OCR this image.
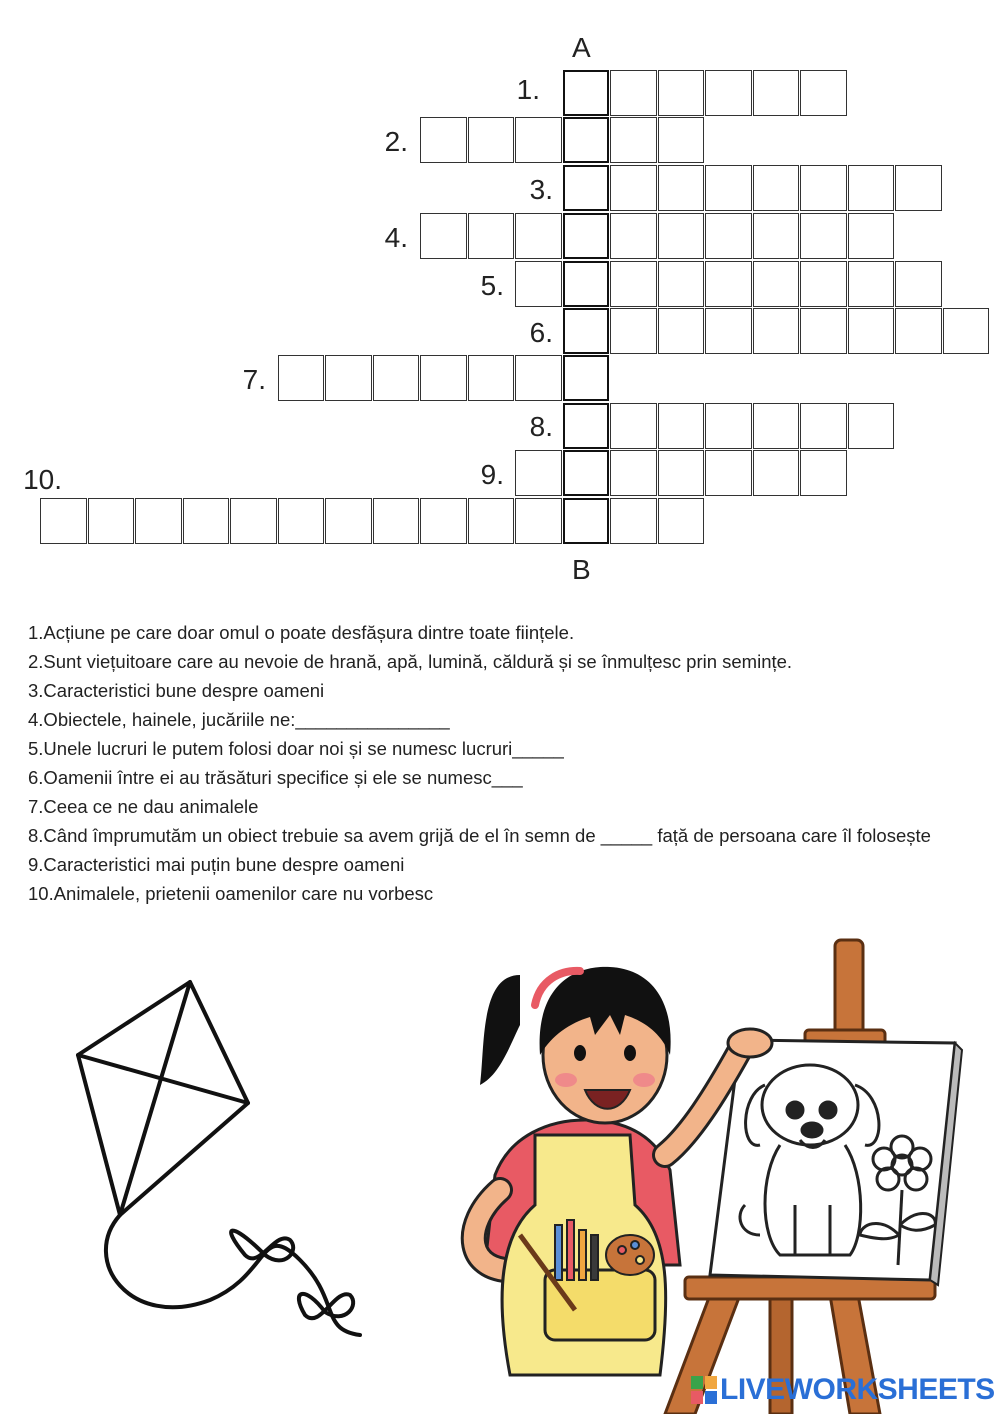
A
B
1.
2.
3.
4.
5.
6.
7.
8.
9.
10.
1.Acțiune pe care doar omul o poate desfășura dintre toate ființele.
2.Sunt viețuitoare care au nevoie de hrană, apă, lumină, căldură și se înmulțesc prin semințe.
3.Caracteristici bune despre oameni
4.Obiectele, hainele, jucăriile ne:_______________
5.Unele lucruri le putem folosi doar noi și se numesc lucruri_____
6.Oamenii între ei au trăsături specifice și ele se numesc___
7.Ceea ce ne dau animalele
8.Când împrumutăm un obiect trebuie sa avem grijă de el în semn de _____ față de persoana care îl folosește
9.Caracteristici mai puțin bune despre oameni
10.Animalele, prietenii oamenilor care nu vorbesc
LIVEWORKSHEETS
